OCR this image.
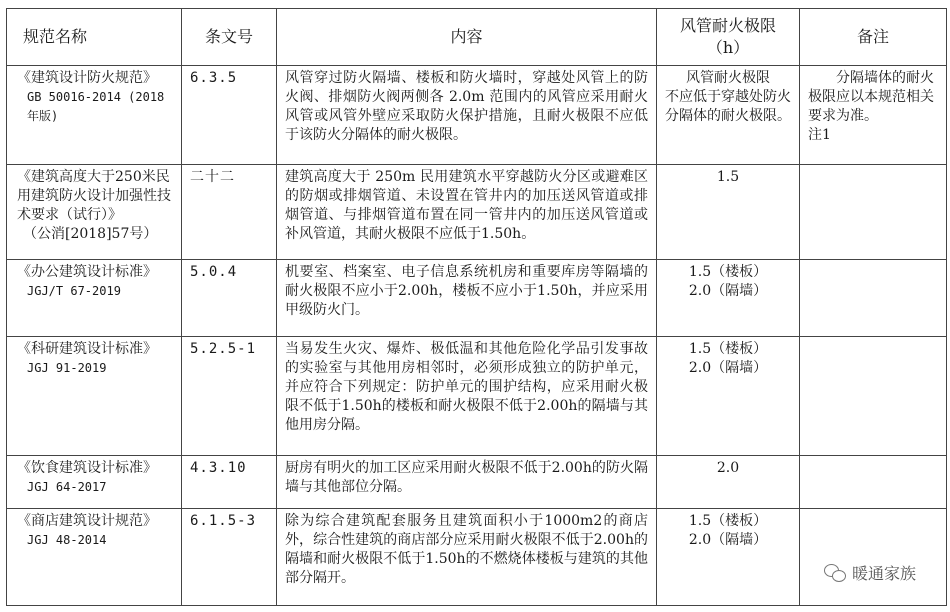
规范名称	条文号	内容	风管耐火极限
（h）	备注

《建筑设计防火规范》
GB 50016-2014 (2018年版)	6.3.5	风管穿过防火隔墙、楼板和防火墙时，穿越处风管上的防火阀、排烟防火阀两侧各 2.0m 范围内的风管应采用耐火风管或风管外壁应采取防火保护措施，且耐火极限不应低于该防火分隔体的耐火极限。	风管耐火极限
不应低于穿越处防火
分隔体的耐火极限。	分隔墙体的耐火
极限应以本规范相关
要求为准。
注1

《建筑高度大于250米民用建筑防火设计加强性技术要求（试行）》
（公消[2018]57号）	二十二	建筑高度大于 250m 民用建筑水平穿越防火分区或避难区的防烟或排烟管道、未设置在管井内的加压送风管道或排烟管道、与排烟管道布置在同一管井内的加压送风管道或补风管道，其耐火极限不应低于1.50h。	1.5	

《办公建筑设计标准》
JGJ/T 67-2019	5.0.4	机要室、档案室、电子信息系统机房和重要库房等隔墙的耐火极限不应小于2.00h，楼板不应小于1.50h，并应采用甲级防火门。	1.5（楼板）
2.0（隔墙）	

《科研建筑设计标准》
JGJ 91-2019	5.2.5-1	当易发生火灾、爆炸、极低温和其他危险化学品引发事故的实验室与其他用房相邻时，必须形成独立的防护单元，并应符合下列规定：防护单元的围护结构，应采用耐火极限不低于1.50h的楼板和耐火极限不低于2.00h的隔墙与其他用房分隔。	1.5（楼板）
2.0（隔墙）	

《饮食建筑设计标准》
JGJ 64-2017	4.3.10	厨房有明火的加工区应采用耐火极限不低于2.00h的防火隔墙与其他部位分隔。	2.0	

《商店建筑设计规范》
JGJ 48-2014	6.1.5-3	除为综合建筑配套服务且建筑面积小于1000m2的商店外，综合性建筑的商店部分应采用耐火极限不低于2.00h的隔墙和耐火极限不低于1.50h的不燃烧体楼板与建筑的其他部分隔开。	1.5（楼板）
2.0（隔墙）	

暖通家族
